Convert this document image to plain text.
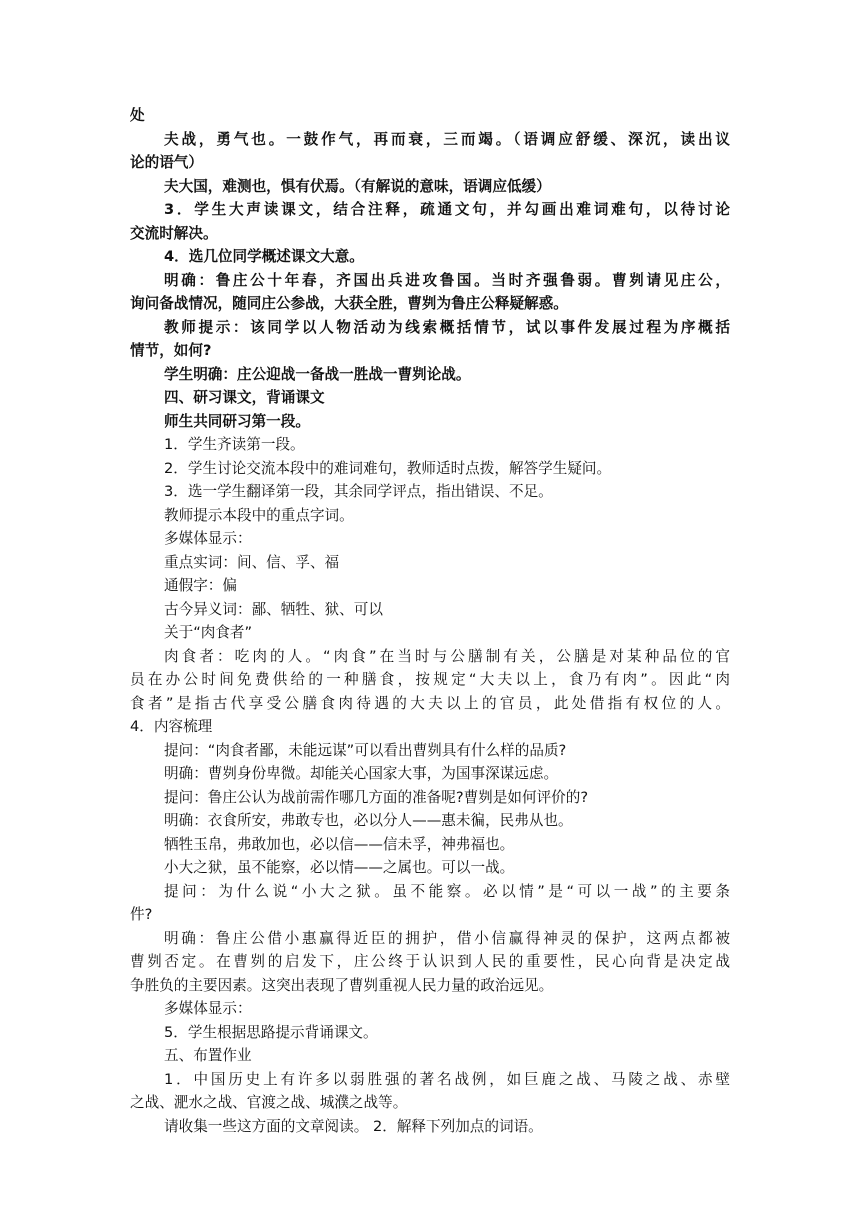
处
夫战，勇气也。一鼓作气，再而衰，三而竭。（语调应舒缓、深沉，读出议
论的语气）
夫大国，难测也，惧有伏焉。（有解说的意味，语调应低缓）
3．学生大声读课文，结合注释，疏通文句，并勾画出难词难句，以待讨论
交流时解决。
4．选几位同学概述课文大意。
明确：鲁庄公十年春，齐国出兵进攻鲁国。当时齐强鲁弱。曹刿请见庄公，
询问备战情况，随同庄公参战，大获全胜，曹刿为鲁庄公释疑解惑。
教师提示：该同学以人物活动为线索概括情节，试以事件发展过程为序概括
情节，如何?
学生明确：庄公迎战一备战一胜战一曹刿论战。
四、研习课文，背诵课文
师生共同研习第一段。
1．学生齐读第一段。
2．学生讨论交流本段中的难词难句，教师适时点拨，解答学生疑问。
3．选一学生翻译第一段，其余同学评点，指出错误、不足。
教师提示本段中的重点字词。
多媒体显示：
重点实词：间、信、孚、福
通假字：偏
古今异义词：鄙、牺牲、狱、可以
关于“肉食者”
肉食者：吃肉的人。“肉食”在当时与公膳制有关，公膳是对某种品位的官
员在办公时间免费供给的一种膳食，按规定“大夫以上，食乃有肉”。因此“肉
食者”是指古代享受公膳食肉待遇的大夫以上的官员，此处借指有权位的人。
4．内容梳理
提问：“肉食者鄙，未能远谋”可以看出曹刿具有什么样的品质?
明确：曹刿身份卑微。却能关心国家大事，为国事深谋远虑。
提问：鲁庄公认为战前需作哪几方面的准备呢?曹刿是如何评价的?
明确：衣食所安，弗敢专也，必以分人——惠未徧，民弗从也。
牺牲玉帛，弗敢加也，必以信——信未孚，神弗福也。
小大之狱，虽不能察，必以情——之属也。可以一战。
提问：为什么说“小大之狱。虽不能察。必以情”是“可以一战”的主要条
件?
明确：鲁庄公借小惠赢得近臣的拥护，借小信赢得神灵的保护，这两点都被
曹刿否定。在曹刿的启发下，庄公终于认识到人民的重要性，民心向背是决定战
争胜负的主要因素。这突出表现了曹刿重视人民力量的政治远见。
多媒体显示：
5．学生根据思路提示背诵课文。
五、布置作业
1．中国历史上有许多以弱胜强的著名战例，如巨鹿之战、马陵之战、赤壁
之战、淝水之战、官渡之战、城濮之战等。
请收集一些这方面的文章阅读。 2．解释下列加点的词语。
